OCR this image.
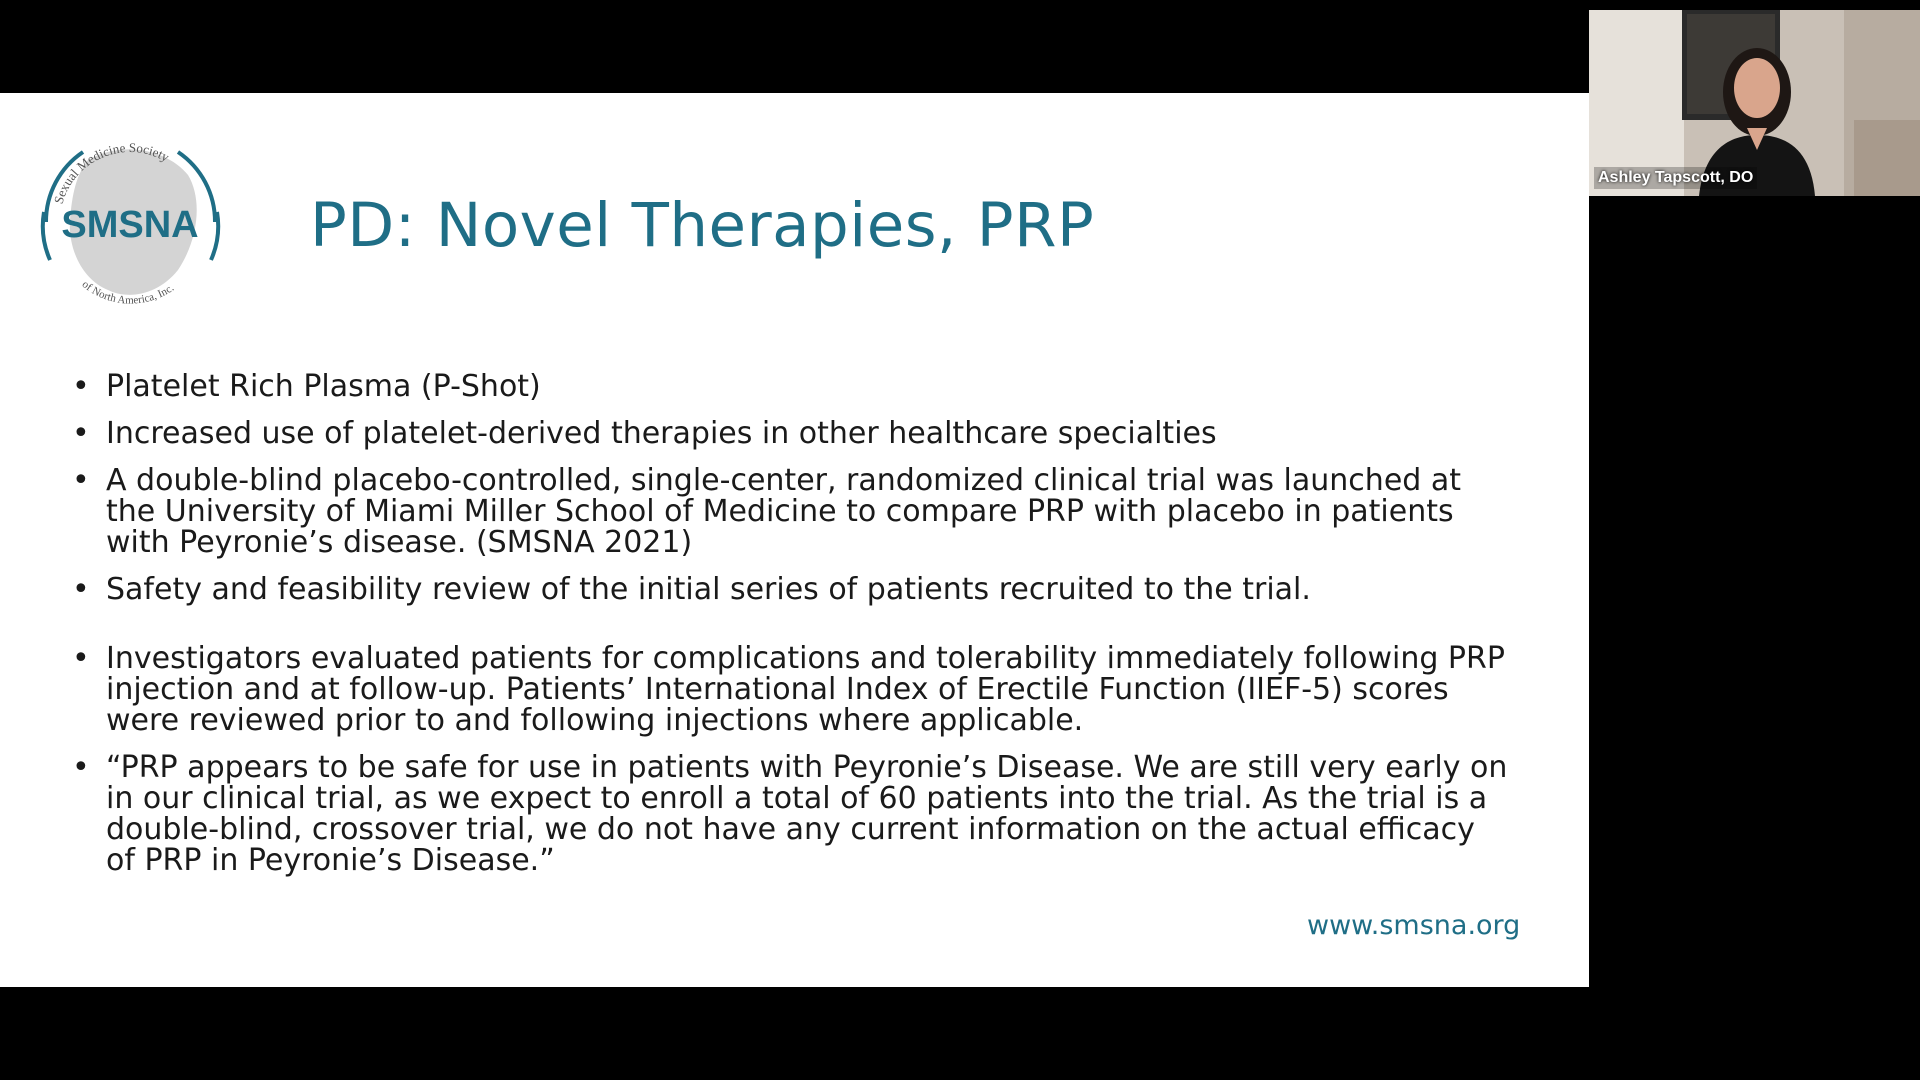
Sexual Medicine Society
of North America, Inc.
SMSNA PD: Novel Therapies, PRP
• Platelet Rich Plasma (P-Shot)
• Increased use of platelet-derived therapies in other healthcare specialties
• A double-blind placebo-controlled, single-center, randomized clinical trial was launched at the University of Miami Miller School of Medicine to compare PRP with placebo in patients with Peyronie’s disease. (SMSNA 2021)
• Safety and feasibility review of the initial series of patients recruited to the trial.
• Investigators evaluated patients for complications and tolerability immediately following PRP injection and at follow-up. Patients’ International Index of Erectile Function (IIEF-5) scores were reviewed prior to and following injections where applicable.
• “PRP appears to be safe for use in patients with Peyronie’s Disease. We are still very early on in our clinical trial, as we expect to enroll a total of 60 patients into the trial. As the trial is a double-blind, crossover trial, we do not have any current information on the actual efficacy of PRP in Peyronie’s Disease.”
www.smsna.org
Ashley Tapscott, DO
